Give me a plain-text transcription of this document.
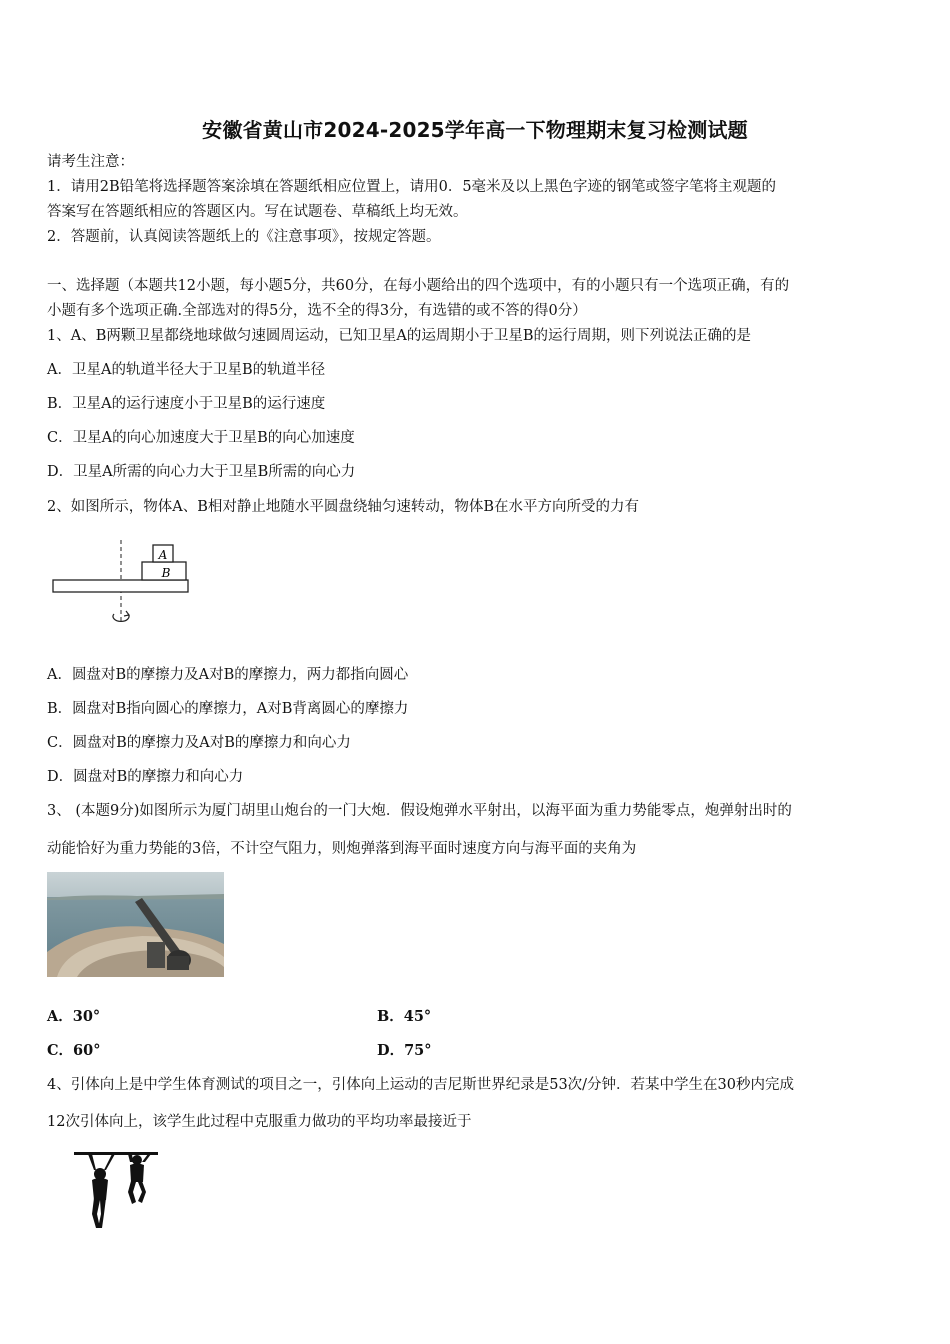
安徽省黄山市2024-2025学年高一下物理期末复习检测试题
请考生注意：
1．请用2B铅笔将选择题答案涂填在答题纸相应位置上，请用0．5毫米及以上黑色字迹的钢笔或签字笔将主观题的
答案写在答题纸相应的答题区内。写在试题卷、草稿纸上均无效。
2．答题前，认真阅读答题纸上的《注意事项》，按规定答题。
一、选择题（本题共12小题，每小题5分，共60分，在每小题给出的四个选项中，有的小题只有一个选项正确，有的
小题有多个选项正确.全部选对的得5分，选不全的得3分，有选错的或不答的得0分）
1、A、B两颗卫星都绕地球做匀速圆周运动，已知卫星A的运周期小于卫星B的运行周期，则下列说法正确的是
A．卫星A的轨道半径大于卫星B的轨道半径
B．卫星A的运行速度小于卫星B的运行速度
C．卫星A的向心加速度大于卫星B的向心加速度
D．卫星A所需的向心力大于卫星B所需的向心力
2、如图所示，物体A、B相对静止地随水平圆盘绕轴匀速转动，物体B在水平方向所受的力有
A
B
A．圆盘对B的摩擦力及A对B的摩擦力，两力都指向圆心
B．圆盘对B指向圆心的摩擦力，A对B背离圆心的摩擦力
C．圆盘对B的摩擦力及A对B的摩擦力和向心力
D．圆盘对B的摩擦力和向心力
3、 (本题9分)如图所示为厦门胡里山炮台的一门大炮．假设炮弹水平射出，以海平面为重力势能零点，炮弹射出时的
动能恰好为重力势能的3倍，不计空气阻力，则炮弹落到海平面时速度方向与海平面的夹角为
A．30°	B．45°
C．60°	D．75°
4、引体向上是中学生体育测试的项目之一，引体向上运动的吉尼斯世界纪录是53次/分钟．若某中学生在30秒内完成
12次引体向上，该学生此过程中克服重力做功的平均功率最接近于
